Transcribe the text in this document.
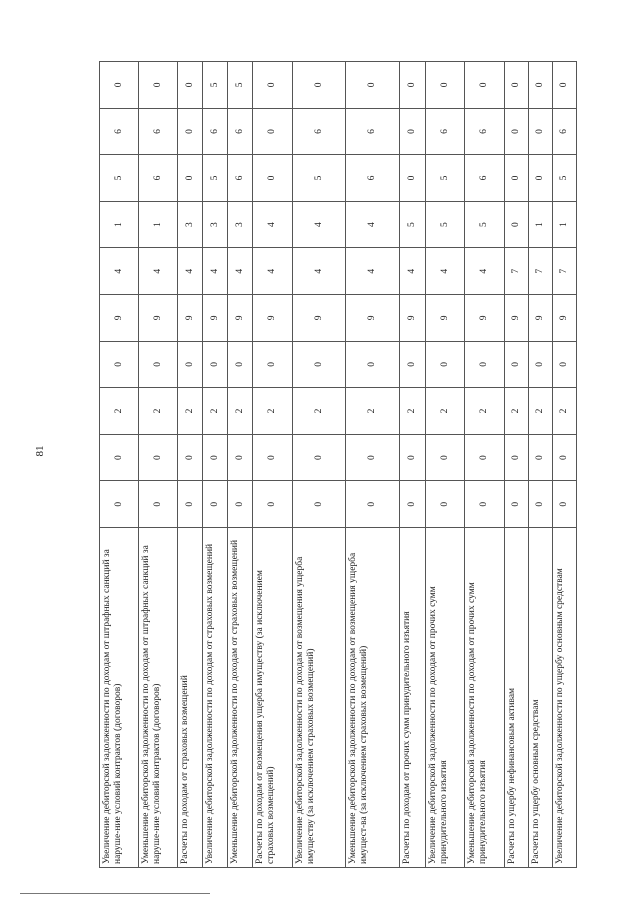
81
Увеличение дебиторской задолженности по доходам от штрафных санкций за наруше-ние условий контрактов (договоров)	0	0	2	0	9	4	1	5	6	0
Уменьшение дебиторской задолженности по доходам от штрафных санкций за наруше-ние условий контрактов (договоров)	0	0	2	0	9	4	1	6	6	0
Расчеты по доходам от страховых возмещений	0	0	2	0	9	4	3	0	0	0
Увеличение дебиторской задолженности по доходам от страховых возмещений	0	0	2	0	9	4	3	5	6	5
Уменьшение дебиторской задолженности по доходам от страховых возмещений	0	0	2	0	9	4	3	6	6	5
Расчеты по доходам от возмещения ущерба имуществу (за исключением страховых возмещений)	0	0	2	0	9	4	4	0	0	0
Увеличение дебиторской задолженности по доходам от возмещения ущерба имуществу (за исключением страховых возмещений)	0	0	2	0	9	4	4	5	6	0
Уменьшение дебиторской задолженности по доходам от возмещения ущерба имущест-ва (за исключением страховых возмещений)	0	0	2	0	9	4	4	6	6	0
Расчеты по доходам от прочих сумм принудительного изъятия	0	0	2	0	9	4	5	0	0	0
Увеличение дебиторской задолженности по доходам от прочих сумм принудительного изъятия	0	0	2	0	9	4	5	5	6	0
Уменьшение дебиторской задолженности по доходам от прочих сумм принудительного изъятия	0	0	2	0	9	4	5	6	6	0
Расчеты по ущербу нефинансовым активам	0	0	2	0	9	7	0	0	0	0
Расчеты по ущербу основным средствам	0	0	2	0	9	7	1	0	0	0
Увеличение дебиторской задолженности по ущербу основным средствам	0	0	2	0	9	7	1	5	6	0
